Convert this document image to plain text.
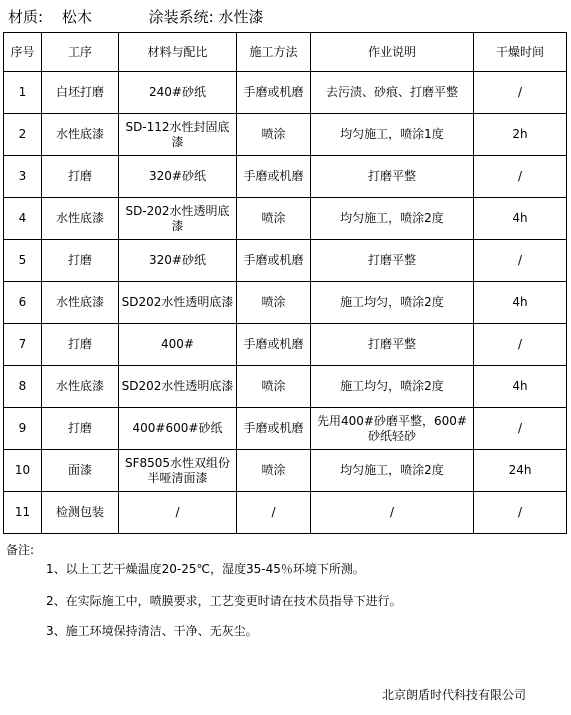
材质: 松木	涂装系统: 水性漆
序号	工序	材料与配比	施工方法	作业说明	干燥时间
1	白坯打磨	240#砂纸	手磨或机磨	去污渍、砂痕、打磨平整	/
2	水性底漆	SD-112水性封固底漆	喷涂	均匀施工，喷涂1度	2h
3	打磨	320#砂纸	手磨或机磨	打磨平整	/
4	水性底漆	SD-202水性透明底漆	喷涂	均匀施工，喷涂2度	4h
5	打磨	320#砂纸	手磨或机磨	打磨平整	/
6	水性底漆	SD202水性透明底漆	喷涂	施工均匀，喷涂2度	4h
7	打磨	400#	手磨或机磨	打磨平整	/
8	水性底漆	SD202水性透明底漆	喷涂	施工均匀，喷涂2度	4h
9	打磨	400#600#砂纸	手磨或机磨	先用400#砂磨平整，600#砂纸轻砂	/
10	面漆	SF8505水性双组份半哑清面漆	喷涂	均匀施工，喷涂2度	24h
11	检测包装	/	/	/	/
备注:
1、以上工艺干燥温度20-25℃，湿度35-45％环境下所测。
2、在实际施工中，喷膜要求，工艺变更时请在技术员指导下进行。
3、施工环境保持清洁、干净、无灰尘。
北京朗盾时代科技有限公司
